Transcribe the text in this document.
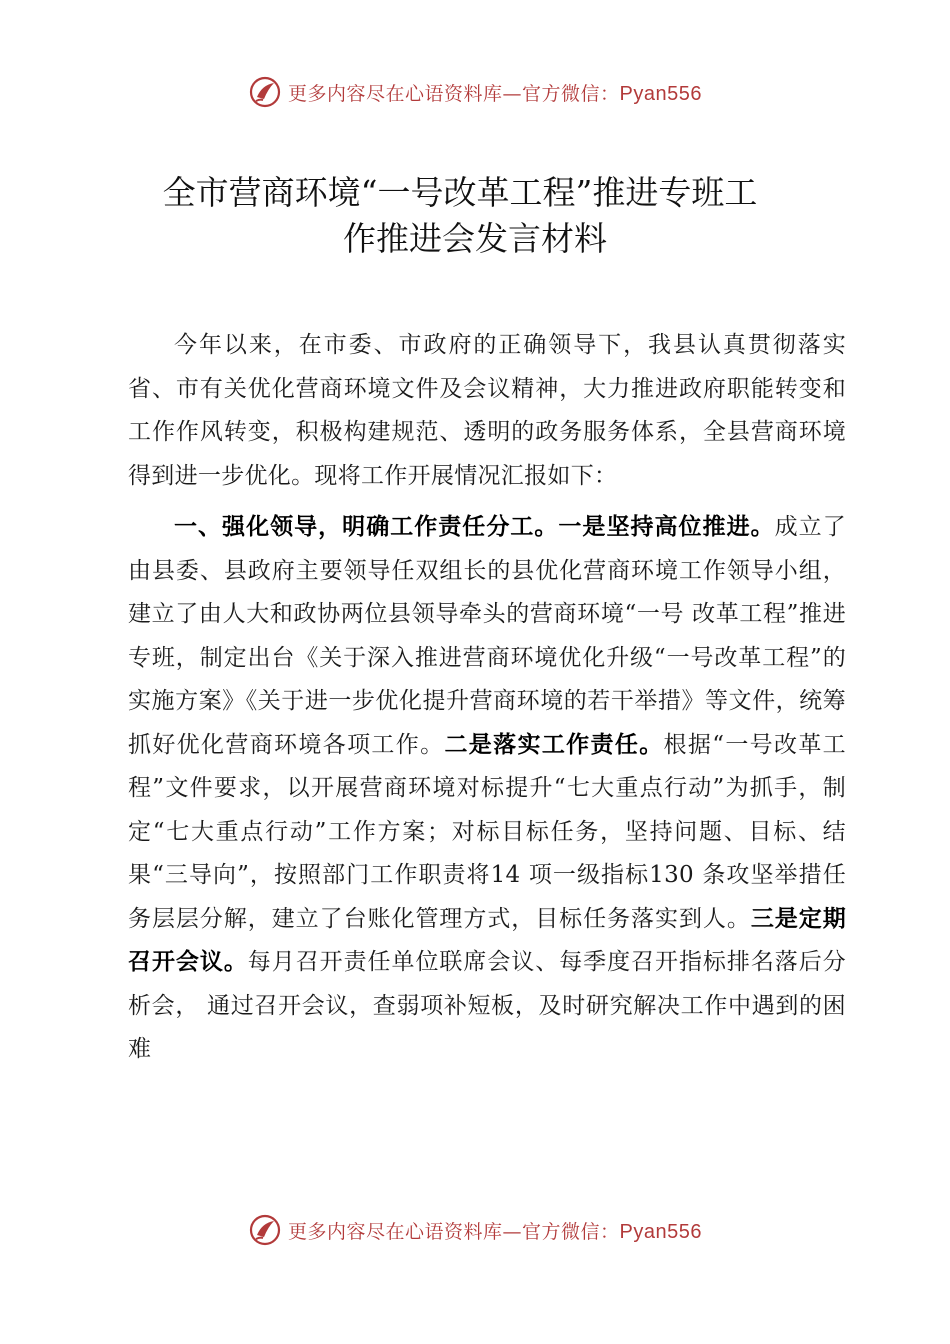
更多内容尽在心语资料库—官方微信：Pyan556
全市营商环境“一号改革工程”推进专班工
作推进会发言材料

今年以来，在市委、市政府的正确领导下，我县认真贯彻落实省、市有关优化营商环境文件及会议精神，大力推进政府职能转变和工作作风转变，积极构建规范、透明的政务服务体系，全县营商环境得到进一步优化。现将工作开展情况汇报如下：

一、强化领导，明确工作责任分工。一是坚持高位推进。成立了由县委、县政府主要领导任双组长的县优化营商环境工作领导小组，建立了由人大和政协两位县领导牵头的营商环境“一号 改革工程”推进专班，制定出台《关于深入推进营商环境优化升级“一号改革工程”的实施方案》《关于进一步优化提升营商环境的若干举措》等文件，统筹抓好优化营商环境各项工作。二是落实工作责任。根据“一号改革工程”文件要求，以开展营商环境对标提升“七大重点行动”为抓手，制定“七大重点行动”工作方案；对标目标任务，坚持问题、目标、结果“三导向”，按照部门工作职责将14 项一级指标130 条攻坚举措任务层层分解，建立了台账化管理方式，目标任务落实到人。三是定期召开会议。每月召开责任单位联席会议、每季度召开指标排名落后分析会， 通过召开会议，查弱项补短板，及时研究解决工作中遇到的困难

更多内容尽在心语资料库—官方微信：Pyan556
